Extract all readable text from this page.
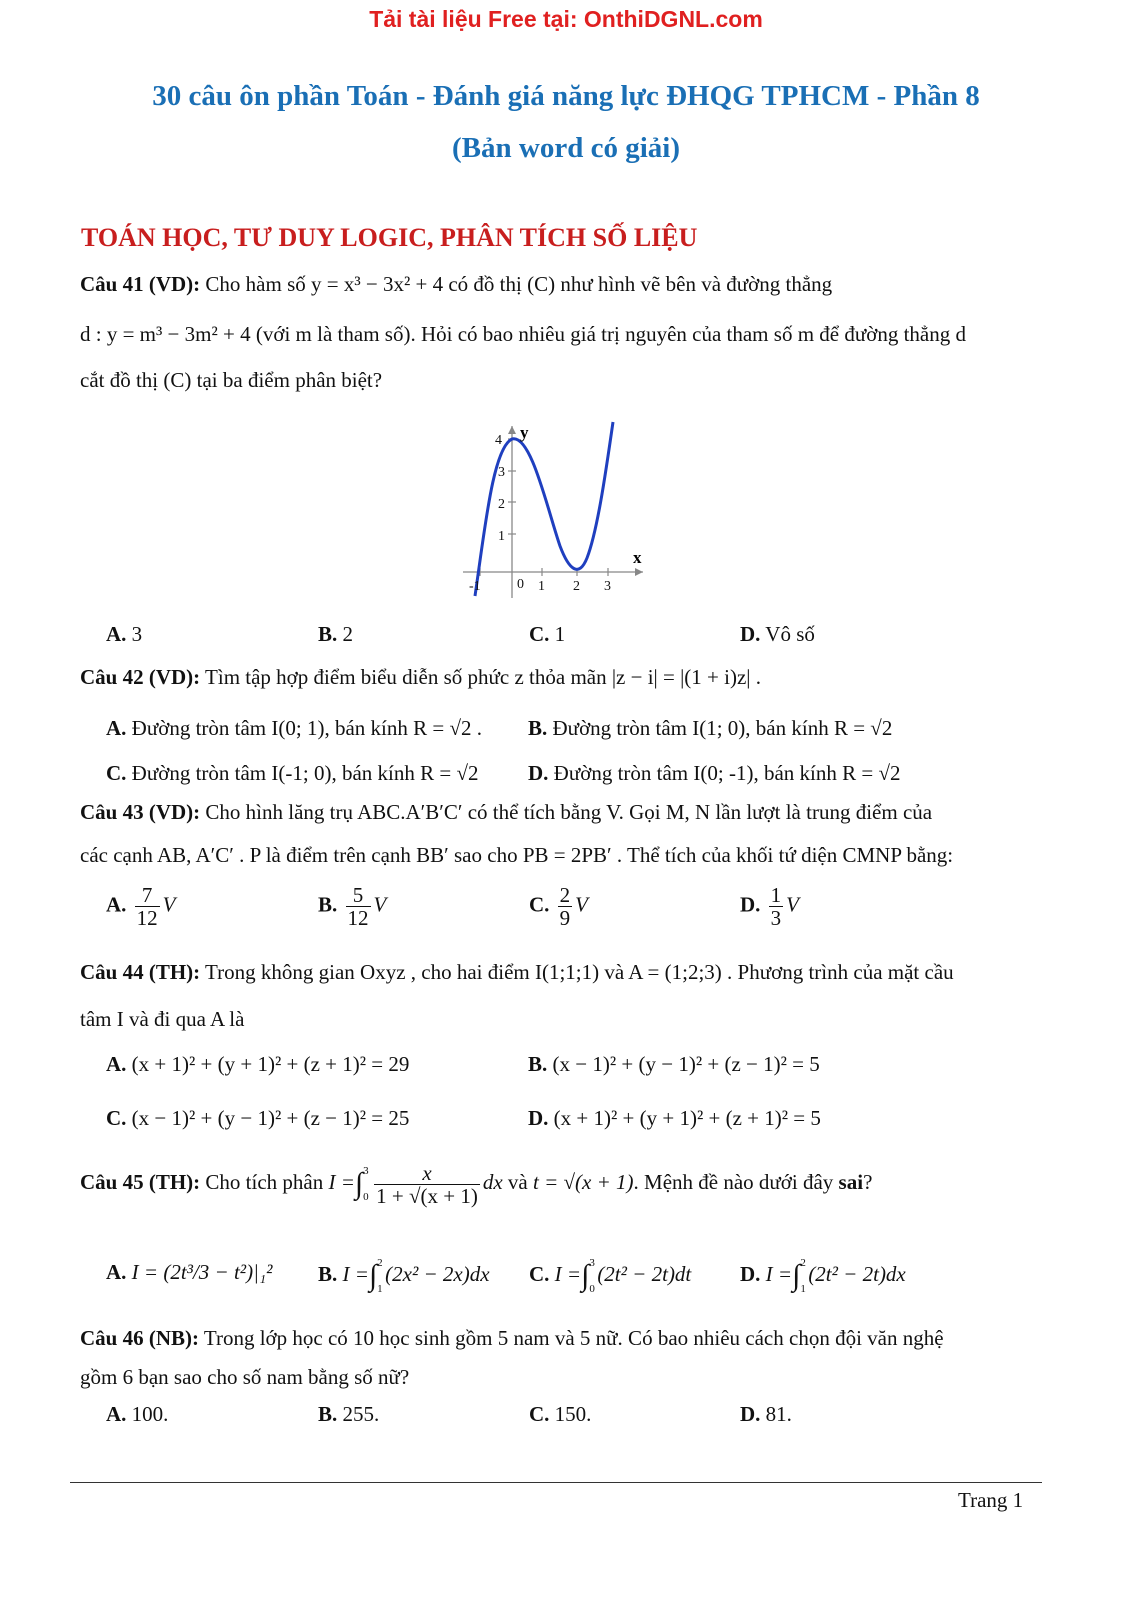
Tải tài liệu Free tại: OnthiDGNL.com
30 câu ôn phần Toán - Đánh giá năng lực ĐHQG TPHCM - Phần 8
(Bản word có giải)
TOÁN HỌC, TƯ DUY LOGIC, PHÂN TÍCH SỐ LIỆU
Câu 41 (VD): Cho hàm số y = x³ − 3x² + 4 có đồ thị (C) như hình vẽ bên và đường thẳng
d : y = m³ − 3m² + 4 (với m là tham số). Hỏi có bao nhiêu giá trị nguyên của tham số m để đường thẳng d
cắt đồ thị (C) tại ba điểm phân biệt?
y
x
4
3
2
1
-1	0 1 2 3
A. 3	B. 2	C. 1	D. Vô số
Câu 42 (VD): Tìm tập hợp điểm biểu diễn số phức z thỏa mãn |z − i| = |(1 + i)z| .
A. Đường tròn tâm I(0; 1), bán kính R = √2 . B. Đường tròn tâm I(1; 0), bán kính R = √2
C. Đường tròn tâm I(-1; 0), bán kính R = √2 D. Đường tròn tâm I(0; -1), bán kính R = √2
Câu 43 (VD): Cho hình lăng trụ ABC.A′B′C′ có thể tích bằng V. Gọi M, N lần lượt là trung điểm của
các cạnh AB, A′C′ . P là điểm trên cạnh BB′ sao cho PB = 2PB′ . Thể tích của khối tứ diện CMNP bằng:
A. $\frac{7}{12}$ V	B. $\frac{5}{12}$ V	C. $\frac{2}{9}$ V	D. $\frac{1}{3}$ V
Câu 44 (TH): Trong không gian Oxyz , cho hai điểm I(1;1;1) và A = (1;2;3) . Phương trình của mặt cầu
tâm I và đi qua A là
A. (x + 1)² + (y + 1)² + (z + 1)² = 29	B. (x − 1)² + (y − 1)² + (z − 1)² = 5
C. (x − 1)² + (y − 1)² + (z − 1)² = 25	D. (x + 1)² + (y + 1)² + (z + 1)² = 5
Câu 45 (TH): Cho tích phân I =∫ 3
$0 \frac{x}{1 + √(x + 1)}$ dx và t = √(x + 1). Mệnh đề nào dưới đây sai?
A. I = (2t³/3 − t²)|₁² B. I =∫ 2
1
(2x² − 2x)dx C. I =∫ 3
0
(2t² − 2t)dt D. I =∫ 2
1
(2t² − 2t)dx
Câu 46 (NB): Trong lớp học có 10 học sinh gồm 5 nam và 5 nữ. Có bao nhiêu cách chọn đội văn nghệ
gồm 6 bạn sao cho số nam bằng số nữ?
A. 100.	B. 255.	C. 150.	D. 81.
Trang 1
